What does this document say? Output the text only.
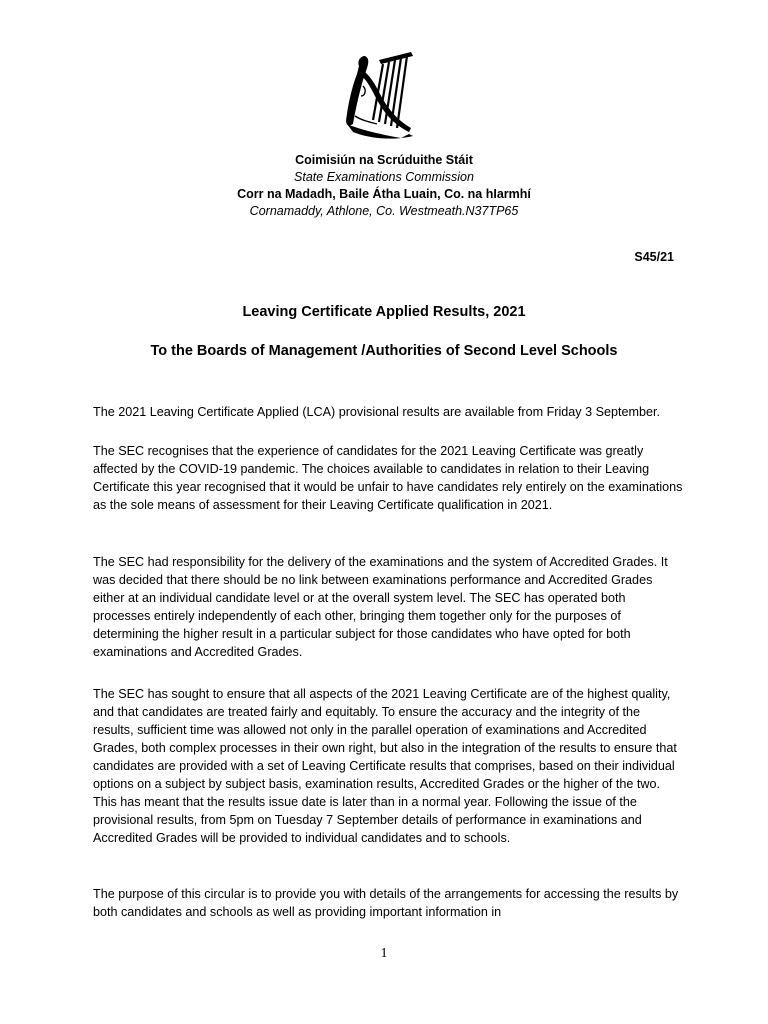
Coimisiún na Scrúduithe Stáit
State Examinations Commission
Corr na Madadh, Baile Átha Luain, Co. na hIarmhí
Cornamaddy, Athlone, Co. Westmeath.N37TP65
S45/21
Leaving Certificate Applied Results, 2021
To the Boards of Management /Authorities of Second Level Schools

The 2021 Leaving Certificate Applied (LCA) provisional results are available from Friday 3 September.

The SEC recognises that the experience of candidates for the 2021 Leaving Certificate was greatly affected by the COVID-19 pandemic. The choices available to candidates in relation to their Leaving Certificate this year recognised that it would be unfair to have candidates rely entirely on the examinations as the sole means of assessment for their Leaving Certificate qualification in 2021.

The SEC had responsibility for the delivery of the examinations and the system of Accredited Grades. It was decided that there should be no link between examinations performance and Accredited Grades either at an individual candidate level or at the overall system level. The SEC has operated both processes entirely independently of each other, bringing them together only for the purposes of determining the higher result in a particular subject for those candidates who have opted for both examinations and Accredited Grades.

The SEC has sought to ensure that all aspects of the 2021 Leaving Certificate are of the highest quality, and that candidates are treated fairly and equitably. To ensure the accuracy and the integrity of the results, sufficient time was allowed not only in the parallel operation of examinations and Accredited Grades, both complex processes in their own right, but also in the integration of the results to ensure that candidates are provided with a set of Leaving Certificate results that comprises, based on their individual options on a subject by subject basis, examination results, Accredited Grades or the higher of the two. This has meant that the results issue date is later than in a normal year. Following the issue of the provisional results, from 5pm on Tuesday 7 September details of performance in examinations and Accredited Grades will be provided to individual candidates and to schools.

The purpose of this circular is to provide you with details of the arrangements for accessing the results by both candidates and schools as well as providing important information in

1
